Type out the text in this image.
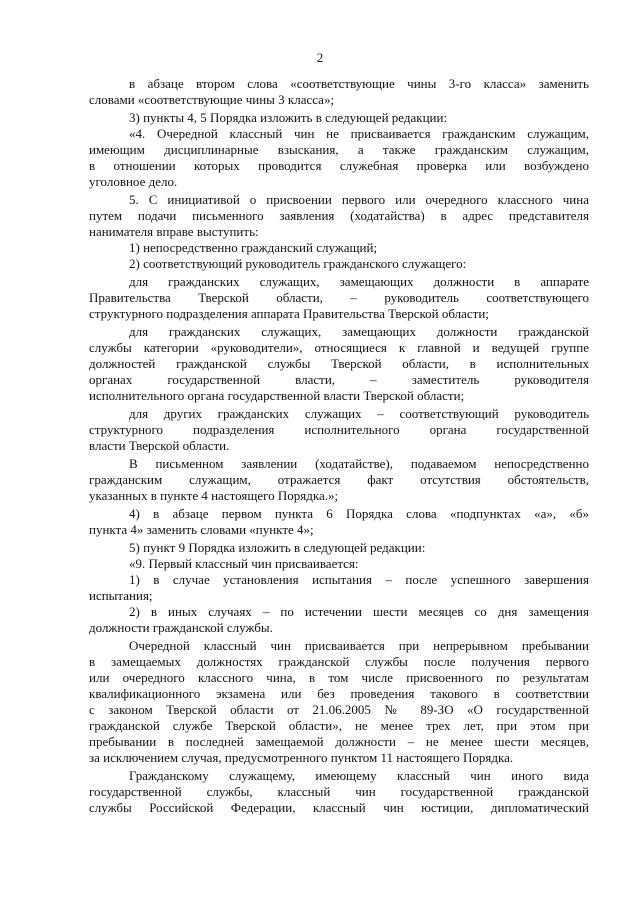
2
в абзаце втором слова «соответствующие чины 3-го класса» заменить
словами «соответствующие чины 3 класса»;
3) пункты 4, 5 Порядка изложить в следующей редакции:
«4. Очередной классный чин не присваивается гражданским служащим,
имеющим дисциплинарные взыскания, а также гражданским служащим,
в отношении которых проводится служебная проверка или возбуждено
уголовное дело.
5. С инициативой о присвоении первого или очередного классного чина
путем подачи письменного заявления (ходатайства) в адрес представителя
нанимателя вправе выступить:
1) непосредственно гражданский служащий;
2) соответствующий руководитель гражданского служащего:
для гражданских служащих, замещающих должности в аппарате
Правительства Тверской области, – руководитель соответствующего
структурного подразделения аппарата Правительства Тверской области;
для гражданских служащих, замещающих должности гражданской
службы категории «руководители», относящиеся к главной и ведущей группе
должностей гражданской службы Тверской области, в исполнительных
органах государственной власти, – заместитель руководителя
исполнительного органа государственной власти Тверской области;
для других гражданских служащих – соответствующий руководитель
структурного подразделения исполнительного органа государственной
власти Тверской области.
В письменном заявлении (ходатайстве), подаваемом непосредственно
гражданским служащим, отражается факт отсутствия обстоятельств,
указанных в пункте 4 настоящего Порядка.»;
4) в абзаце первом пункта 6 Порядка слова «подпунктах «а», «б»
пункта 4» заменить словами «пункте 4»;
5) пункт 9 Порядка изложить в следующей редакции:
«9. Первый классный чин присваивается:
1) в случае установления испытания – после успешного завершения
испытания;
2) в иных случаях – по истечении шести месяцев со дня замещения
должности гражданской службы.
Очередной классный чин присваивается при непрерывном пребывании
в замещаемых должностях гражданской службы после получения первого
или очередного классного чина, в том числе присвоенного по результатам
квалификационного экзамена или без проведения такового в соответствии
с законом Тверской области от 21.06.2005 № 89-ЗО «О государственной
гражданской службе Тверской области», не менее трех лет, при этом при
пребывании в последней замещаемой должности – не менее шести месяцев,
за исключением случая, предусмотренного пунктом 11 настоящего Порядка.
Гражданскому служащему, имеющему классный чин иного вида
государственной службы, классный чин государственной гражданской
службы Российской Федерации, классный чин юстиции, дипломатический
